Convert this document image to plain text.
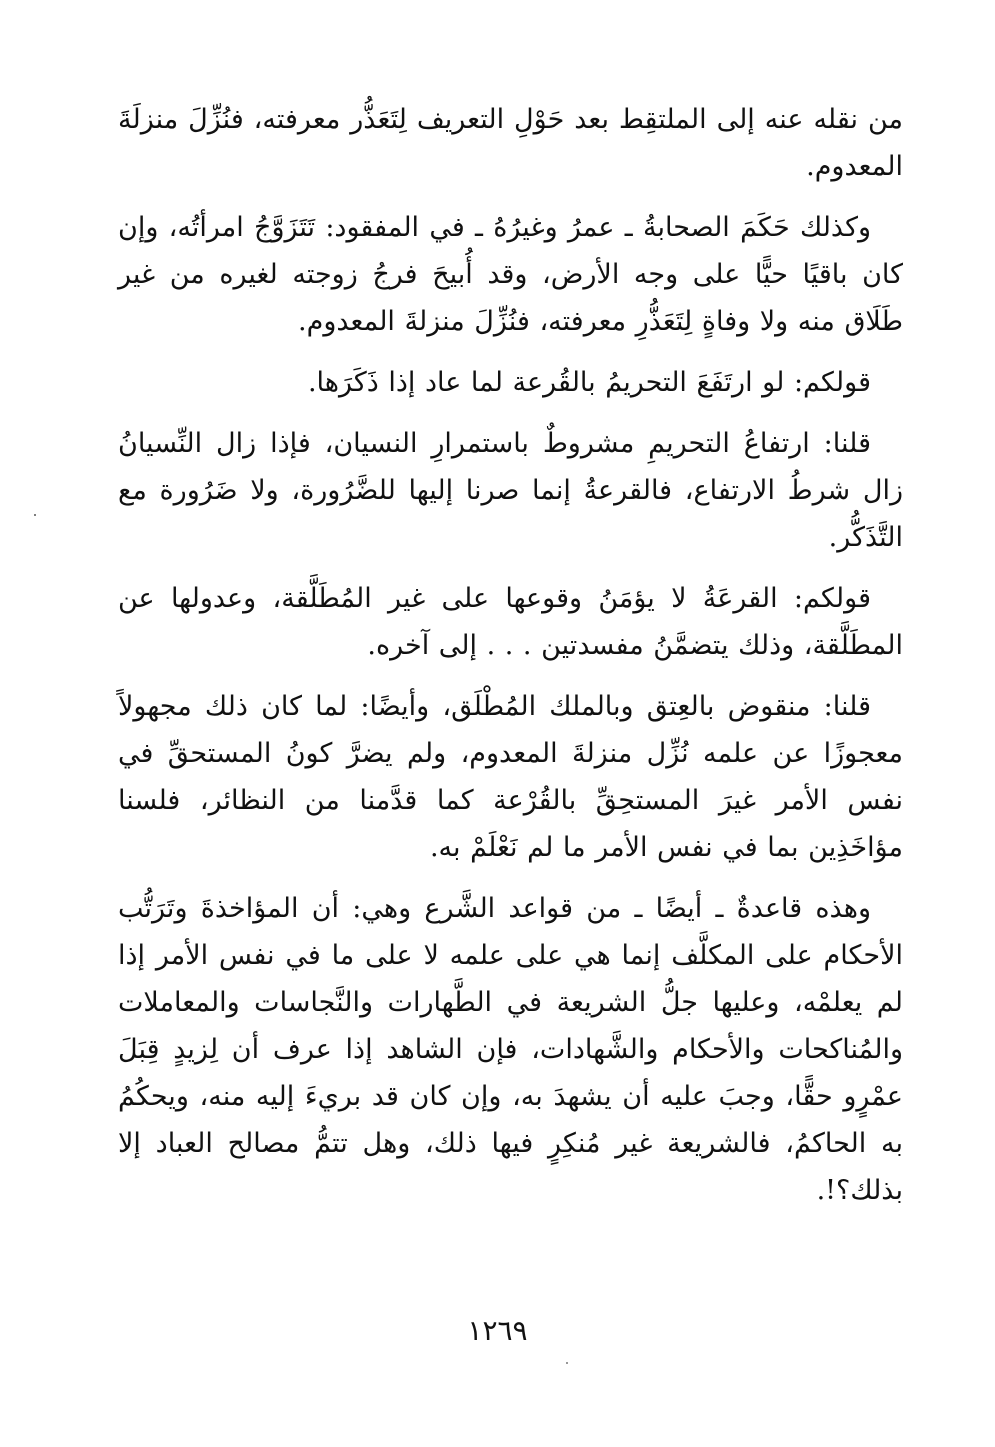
من نقله عنه إلى الملتقِط بعد حَوْلِ التعريف لِتَعَذُّر معرفته، فنُزِّلَ منزلَةَ المعدوم.

وكذلك حَكَمَ الصحابةُ ـ عمرُ وغيرُهُ ـ في المفقود: تَتَزَوَّجُ امرأتُه، وإن كان باقيًا حيًّا على وجه الأرض، وقد أُبيحَ فرجُ زوجته لغيره من غير طَلَاق منه ولا وفاةٍ لِتَعَذُّرِ معرفته، فنُزِّلَ منزلةَ المعدوم.

قولكم: لو ارتَفَعَ التحريمُ بالقُرعة لما عاد إذا ذَكَرَها.

قلنا: ارتفاعُ التحريمِ مشروطٌ باستمرارِ النسيان، فإذا زال النِّسيانُ زال شرطُ الارتفاع، فالقرعةُ إنما صرنا إليها للضَّرُورة، ولا ضَرُورة مع التَّذَكُّر.

قولكم: القرعَةُ لا يؤمَنُ وقوعها على غير المُطَلَّقة، وعدولها عن المطَلَّقة، وذلك يتضمَّنُ مفسدتين . . . إلى آخره.

قلنا: منقوض بالعِتق وبالملك المُطْلَق، وأيضًا: لما كان ذلك مجهولاً معجوزًا عن علمه نُزِّل منزلةَ المعدوم، ولم يضرَّ كونُ المستحقِّ في نفس الأمر غيرَ المستحِقِّ بالقُرْعة كما قدَّمنا من النظائر، فلسنا مؤاخَذِين بما في نفس الأمر ما لم نَعْلَمْ به.

وهذه قاعدةٌ ـ أيضًا ـ من قواعد الشَّرع وهي: أن المؤاخذةَ وتَرَتُّب الأحكام على المكلَّف إنما هي على علمه لا على ما في نفس الأمر إذا لم يعلمْه، وعليها جلُّ الشريعة في الطَّهارات والنَّجاسات والمعاملات والمُناكحات والأحكام والشَّهادات، فإن الشاهد إذا عرف أن لِزيدٍ قِبَلَ عمْرٍو حقًّا، وجبَ عليه أن يشهدَ به، وإن كان قد بريءَ إليه منه، ويحكُمُ به الحاكمُ، فالشريعة غير مُنكِرٍ فيها ذلك، وهل تتمُّ مصالح العباد إلا بذلك؟!.

١٢٦٩
